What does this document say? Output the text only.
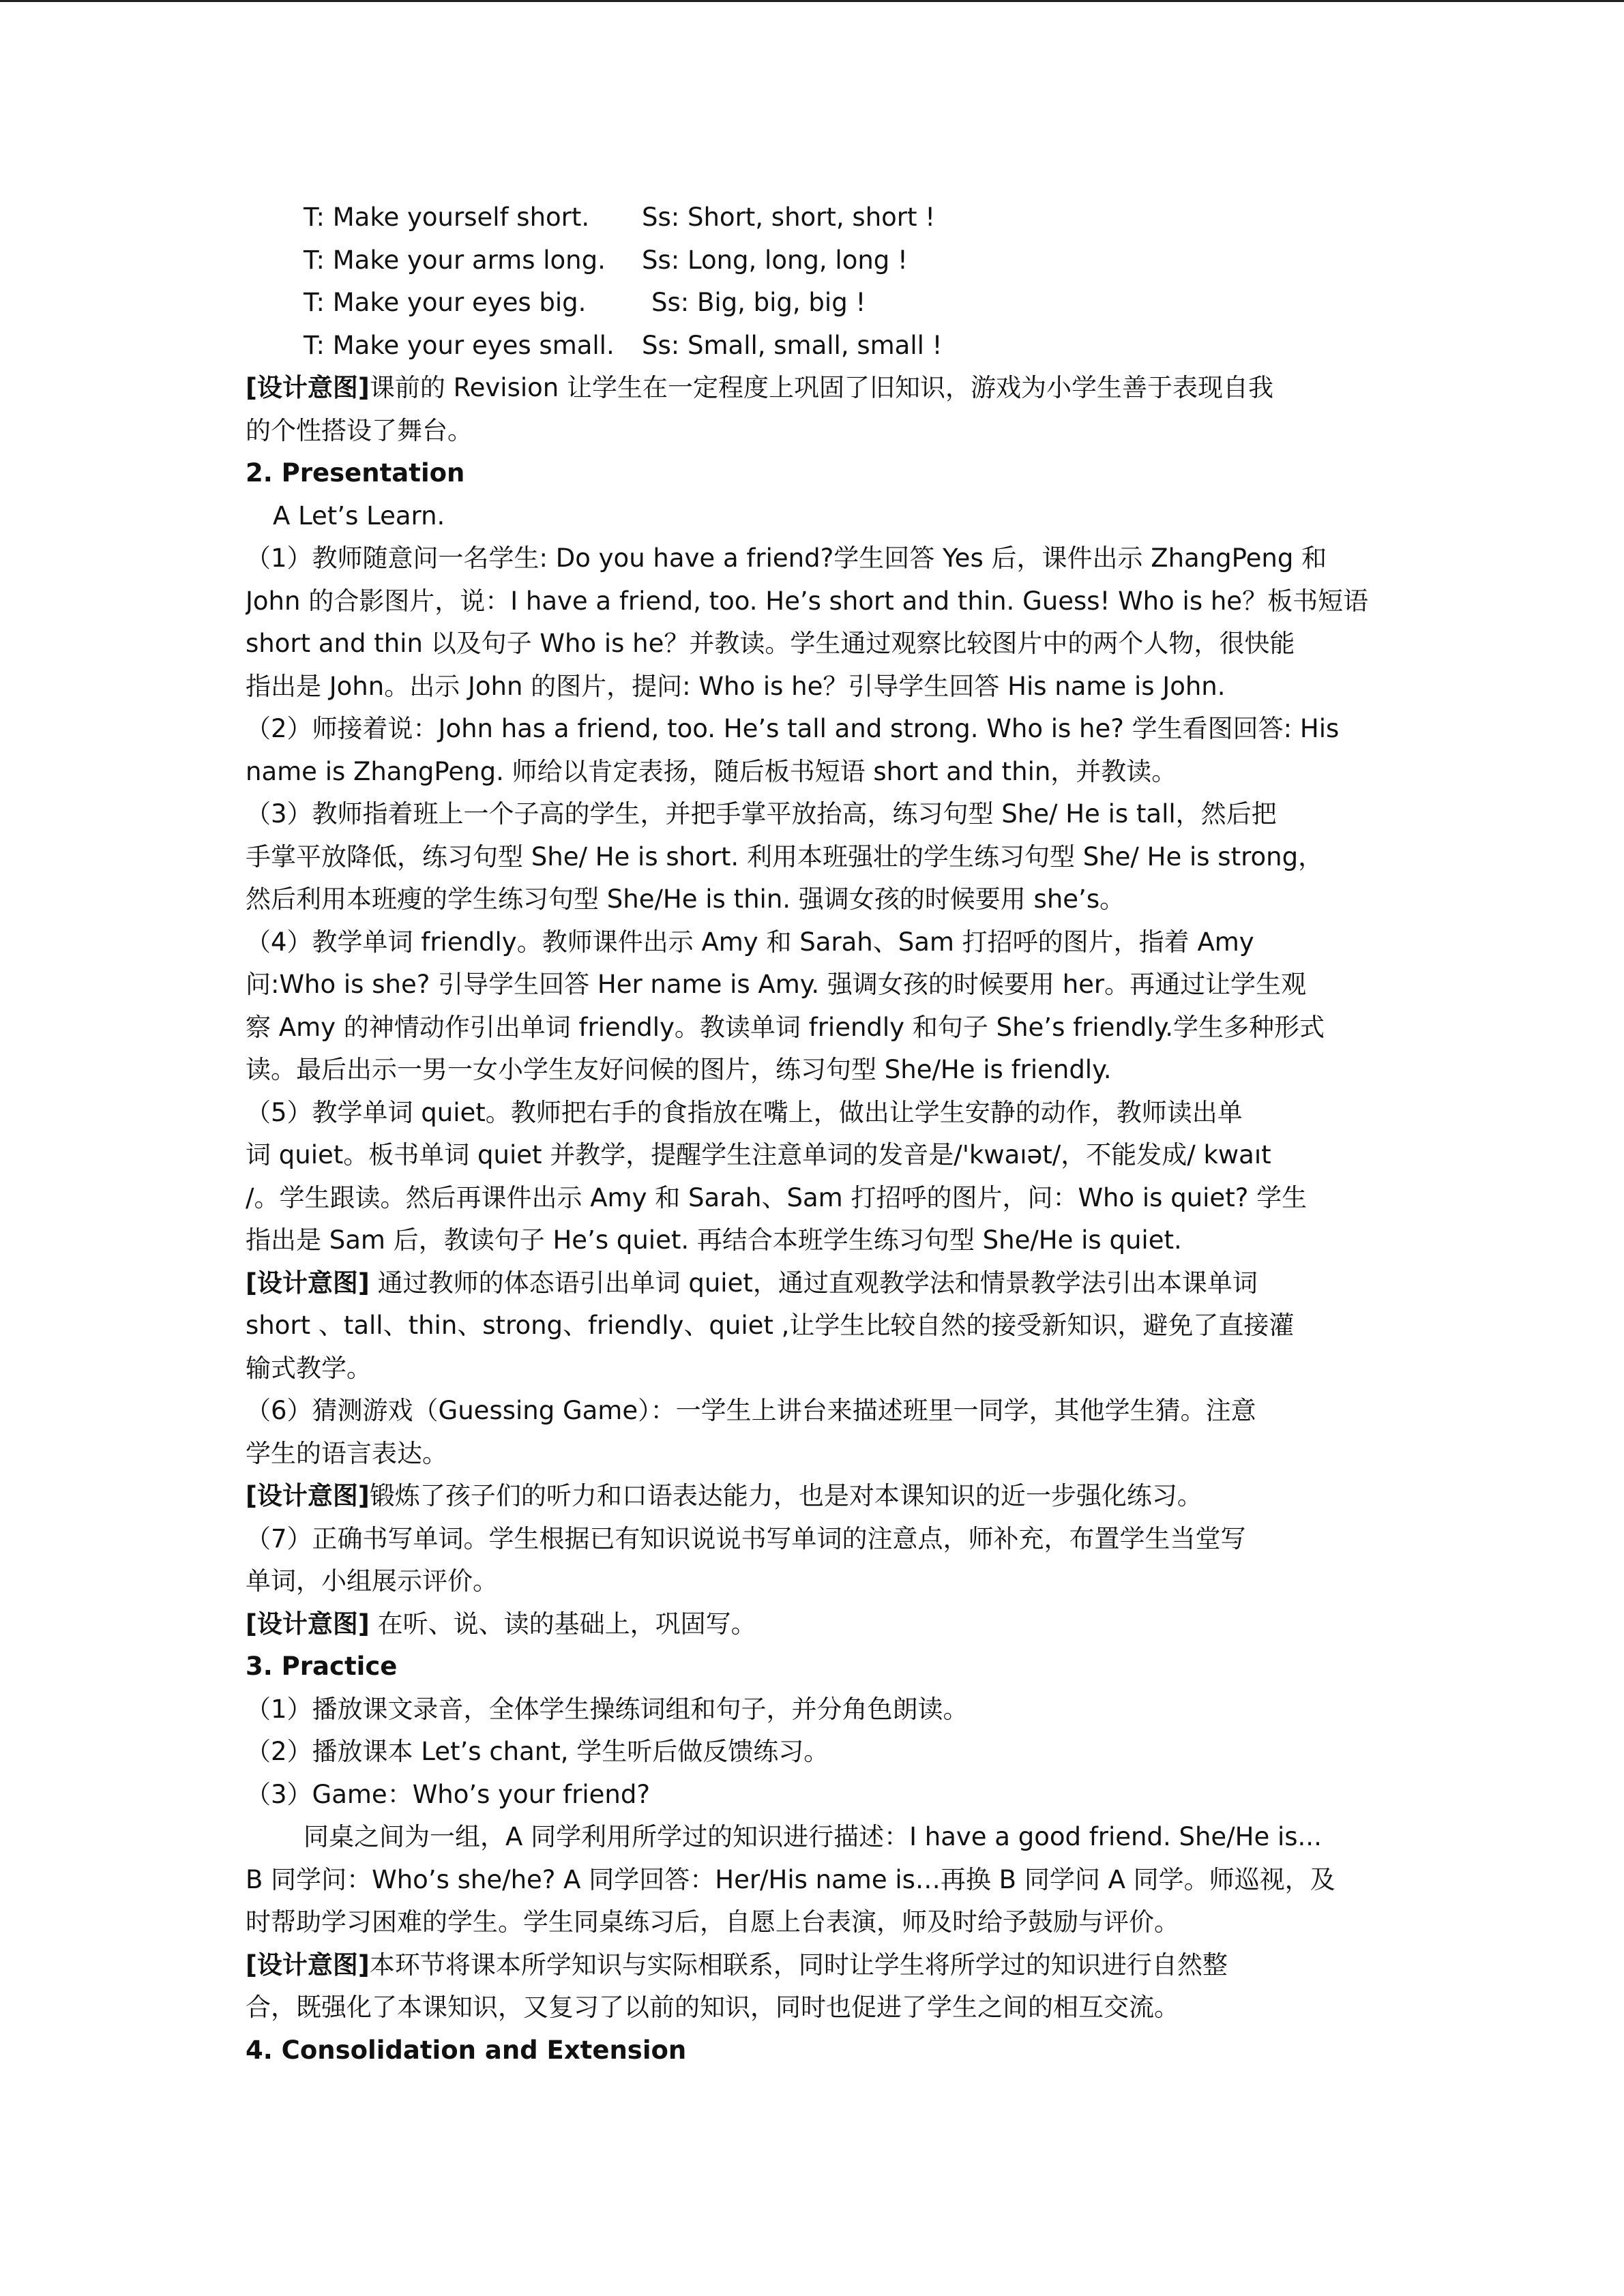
T: Make yourself short. Ss: Short, short, short !
T: Make your arms long. Ss: Long, long, long !
T: Make your eyes big.	Ss: Big, big, big !
T: Make your eyes small. Ss: Small, small, small !
[设计意图]课前的 Revision 让学生在一定程度上巩固了旧知识，游戏为小学生善于表现自我
的个性搭设了舞台。
2. Presentation
A Let’s Learn.
（1）教师随意问一名学生: Do you have a friend?学生回答 Yes 后，课件出示 ZhangPeng 和
John 的合影图片，说：I have a friend, too. He’s short and thin. Guess! Who is he？板书短语
short and thin 以及句子 Who is he？并教读。学生通过观察比较图片中的两个人物，很快能
指出是 John。出示 John 的图片，提问: Who is he？引导学生回答 His name is John.
（2）师接着说：John has a friend, too. He’s tall and strong. Who is he? 学生看图回答: His
name is ZhangPeng. 师给以肯定表扬，随后板书短语 short and thin，并教读。
（3）教师指着班上一个子高的学生，并把手掌平放抬高，练习句型 She/ He is tall，然后把
手掌平放降低，练习句型 She/ He is short. 利用本班强壮的学生练习句型 She/ He is strong，
然后利用本班瘦的学生练习句型 She/He is thin. 强调女孩的时候要用 she’s。
（4）教学单词 friendly。教师课件出示 Amy 和 Sarah、Sam 打招呼的图片，指着 Amy
问:Who is she? 引导学生回答 Her name is Amy. 强调女孩的时候要用 her。再通过让学生观
察 Amy 的神情动作引出单词 friendly。教读单词 friendly 和句子 She’s friendly.学生多种形式
读。最后出示一男一女小学生友好问候的图片，练习句型 She/He is friendly.
（5）教学单词 quiet。教师把右手的食指放在嘴上，做出让学生安静的动作，教师读出单
词 quiet。板书单词 quiet 并教学，提醒学生注意单词的发音是/'kwaıət/，不能发成/ kwaıt
/。学生跟读。然后再课件出示 Amy 和 Sarah、Sam 打招呼的图片，问：Who is quiet? 学生
指出是 Sam 后，教读句子 He’s quiet. 再结合本班学生练习句型 She/He is quiet.
[设计意图] 通过教师的体态语引出单词 quiet，通过直观教学法和情景教学法引出本课单词
short 、tall、thin、strong、friendly、quiet ,让学生比较自然的接受新知识，避免了直接灌
输式教学。
（6）猜测游戏（Guessing Game）：一学生上讲台来描述班里一同学，其他学生猜。注意
学生的语言表达。
[设计意图]锻炼了孩子们的听力和口语表达能力，也是对本课知识的近一步强化练习。
（7）正确书写单词。学生根据已有知识说说书写单词的注意点，师补充，布置学生当堂写
单词，小组展示评价。
[设计意图] 在听、说、读的基础上，巩固写。
3. Practice
（1）播放课文录音，全体学生操练词组和句子，并分角色朗读。
（2）播放课本 Let’s chant, 学生听后做反馈练习。
（3）Game：Who’s your friend?
同桌之间为一组，A 同学利用所学过的知识进行描述：I have a good friend. She/He is...
B 同学问：Who’s she/he? A 同学回答：Her/His name is…再换 B 同学问 A 同学。师巡视，及
时帮助学习困难的学生。学生同桌练习后，自愿上台表演，师及时给予鼓励与评价。
[设计意图]本环节将课本所学知识与实际相联系，同时让学生将所学过的知识进行自然整
合，既强化了本课知识，又复习了以前的知识，同时也促进了学生之间的相互交流。
4. Consolidation and Extension
